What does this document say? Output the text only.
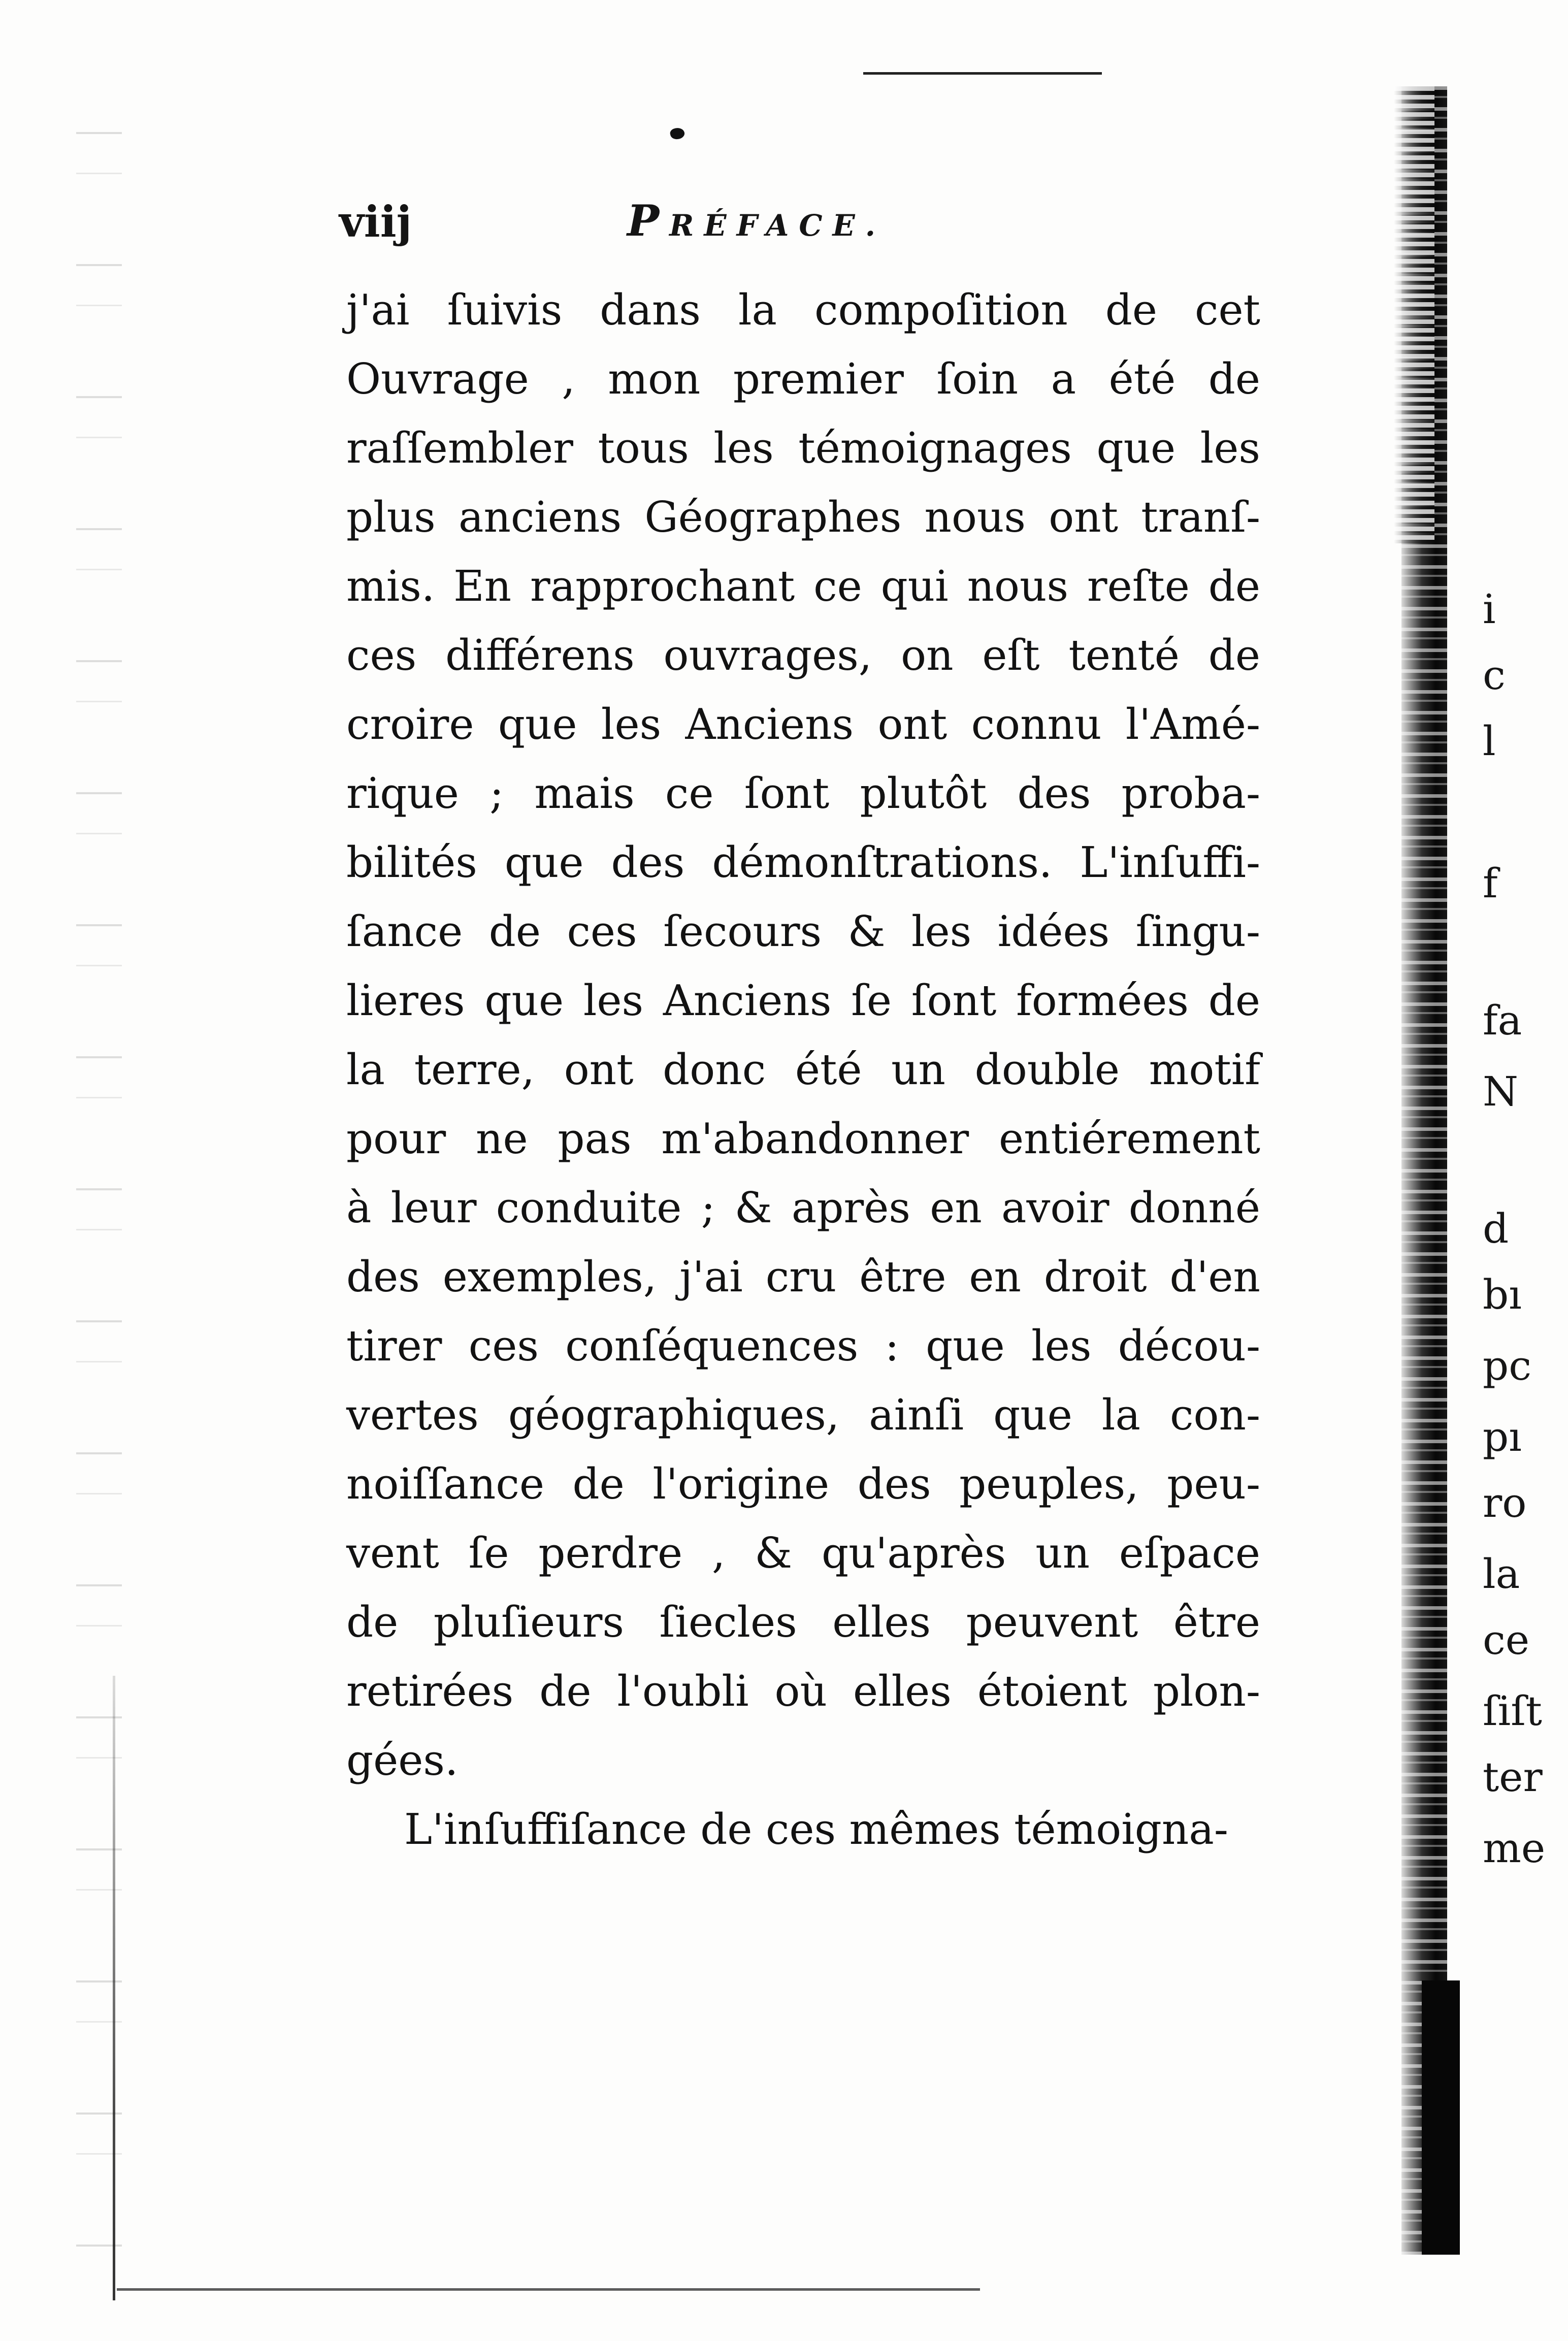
viij	PRÉFACE.
j'ai ſuivis dans la compoſition de cet
Ouvrage , mon premier ſoin a été de
raſſembler tous les témoignages que les
plus anciens Géographes nous ont tranſ-
mis. En rapprochant ce qui nous reſte de
ces différens ouvrages, on eſt tenté de
croire que les Anciens ont connu l'Amé-
rique ; mais ce ſont plutôt des proba-
bilités que des démonſtrations. L'inſuffi-
ſance de ces ſecours & les idées ſingu-
lieres que les Anciens ſe ſont formées de
la terre, ont donc été un double motif
pour ne pas m'abandonner entiérement
à leur conduite ; & après en avoir donné
des exemples, j'ai cru être en droit d'en
tirer ces conſéquences : que les décou-
vertes géographiques, ainſi que la con-
noiſſance de l'origine des peuples, peu-
vent ſe perdre , & qu'après un eſpace
de pluſieurs ſiecles elles peuvent être
retirées de l'oubli où elles étoient plon-
gées.
L'inſuffiſance de ces mêmes témoigna-
i
c
l
f
fa
N
d
bı
pc
pı
ro
la
ce
ſiſt
ter
me
